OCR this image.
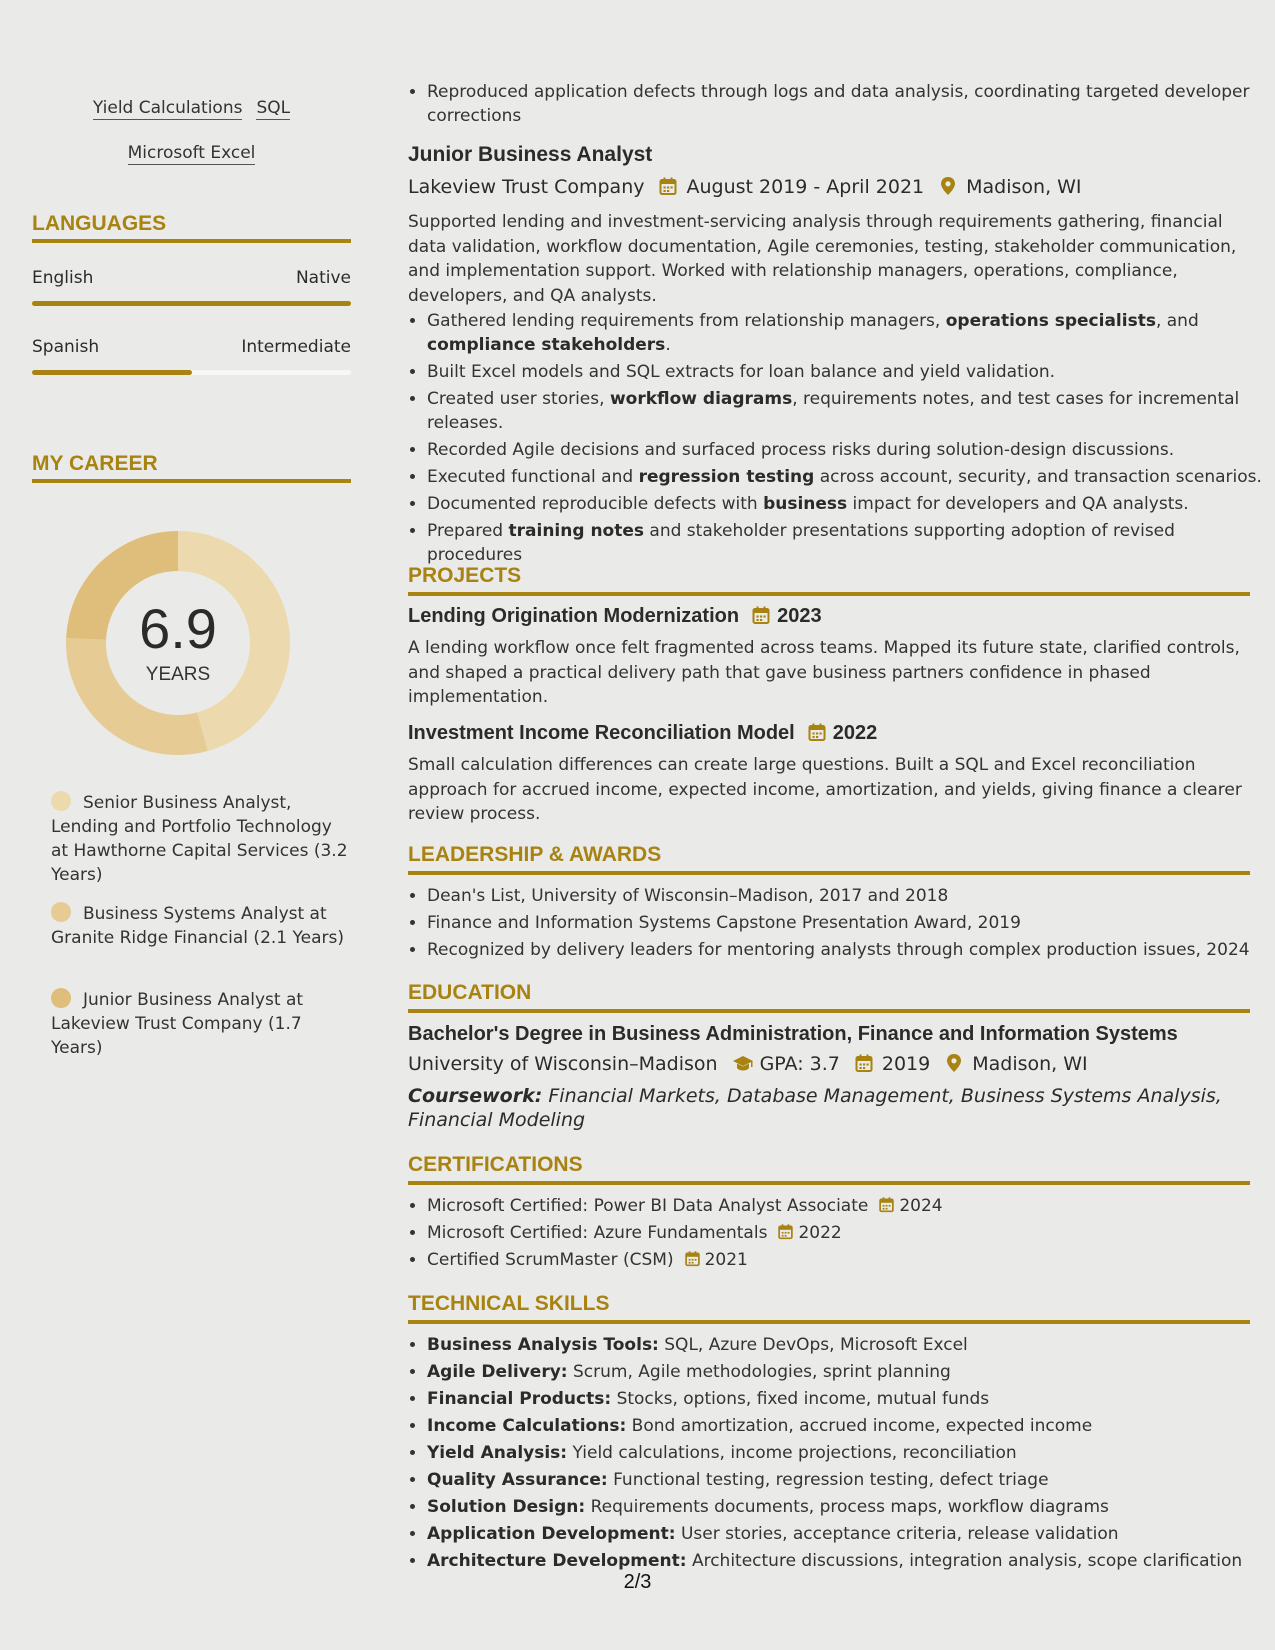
Yield Calculations SQL
Microsoft Excel
LANGUAGES
English	Native
Spanish	Intermediate
MY CAREER
6.9
YEARS
Senior Business Analyst, Lending and Portfolio Technology at Hawthorne Capital Services (3.2 Years)
Business Systems Analyst at Granite Ridge Financial (2.1 Years)
Junior Business Analyst at Lakeview Trust Company (1.7 Years)
• Reproduced application defects through logs and data analysis, coordinating targeted developer corrections
Junior Business Analyst
Lakeview Trust Company August 2019 - April 2021 Madison, WI
Supported lending and investment-servicing analysis through requirements gathering, financial data validation, workflow documentation, Agile ceremonies, testing, stakeholder communication, and implementation support. Worked with relationship managers, operations, compliance, developers, and QA analysts.
• Gathered lending requirements from relationship managers, operations specialists, and compliance stakeholders.
• Built Excel models and SQL extracts for loan balance and yield validation.
• Created user stories, workflow diagrams, requirements notes, and test cases for incremental releases.
• Recorded Agile decisions and surfaced process risks during solution-design discussions.
• Executed functional and regression testing across account, security, and transaction scenarios.
• Documented reproducible defects with business impact for developers and QA analysts.
• Prepared training notes and stakeholder presentations supporting adoption of revised procedures
PROJECTS
Lending Origination Modernization 2023
A lending workflow once felt fragmented across teams. Mapped its future state, clarified controls, and shaped a practical delivery path that gave business partners confidence in phased implementation.
Investment Income Reconciliation Model 2022
Small calculation differences can create large questions. Built a SQL and Excel reconciliation approach for accrued income, expected income, amortization, and yields, giving finance a clearer review process.
LEADERSHIP & AWARDS
• Dean's List, University of Wisconsin–Madison, 2017 and 2018
• Finance and Information Systems Capstone Presentation Award, 2019
• Recognized by delivery leaders for mentoring analysts through complex production issues, 2024
EDUCATION
Bachelor's Degree in Business Administration, Finance and Information Systems
University of Wisconsin–Madison GPA: 3.7 2019 Madison, WI
Coursework: Financial Markets, Database Management, Business Systems Analysis, Financial Modeling
CERTIFICATIONS
• Microsoft Certified: Power BI Data Analyst Associate 2024
• Microsoft Certified: Azure Fundamentals 2022
• Certified ScrumMaster (CSM) 2021
TECHNICAL SKILLS
• Business Analysis Tools: SQL, Azure DevOps, Microsoft Excel
• Agile Delivery: Scrum, Agile methodologies, sprint planning
• Financial Products: Stocks, options, fixed income, mutual funds
• Income Calculations: Bond amortization, accrued income, expected income
• Yield Analysis: Yield calculations, income projections, reconciliation
• Quality Assurance: Functional testing, regression testing, defect triage
• Solution Design: Requirements documents, process maps, workflow diagrams
• Application Development: User stories, acceptance criteria, release validation
• Architecture Development: Architecture discussions, integration analysis, scope clarification
2/3
